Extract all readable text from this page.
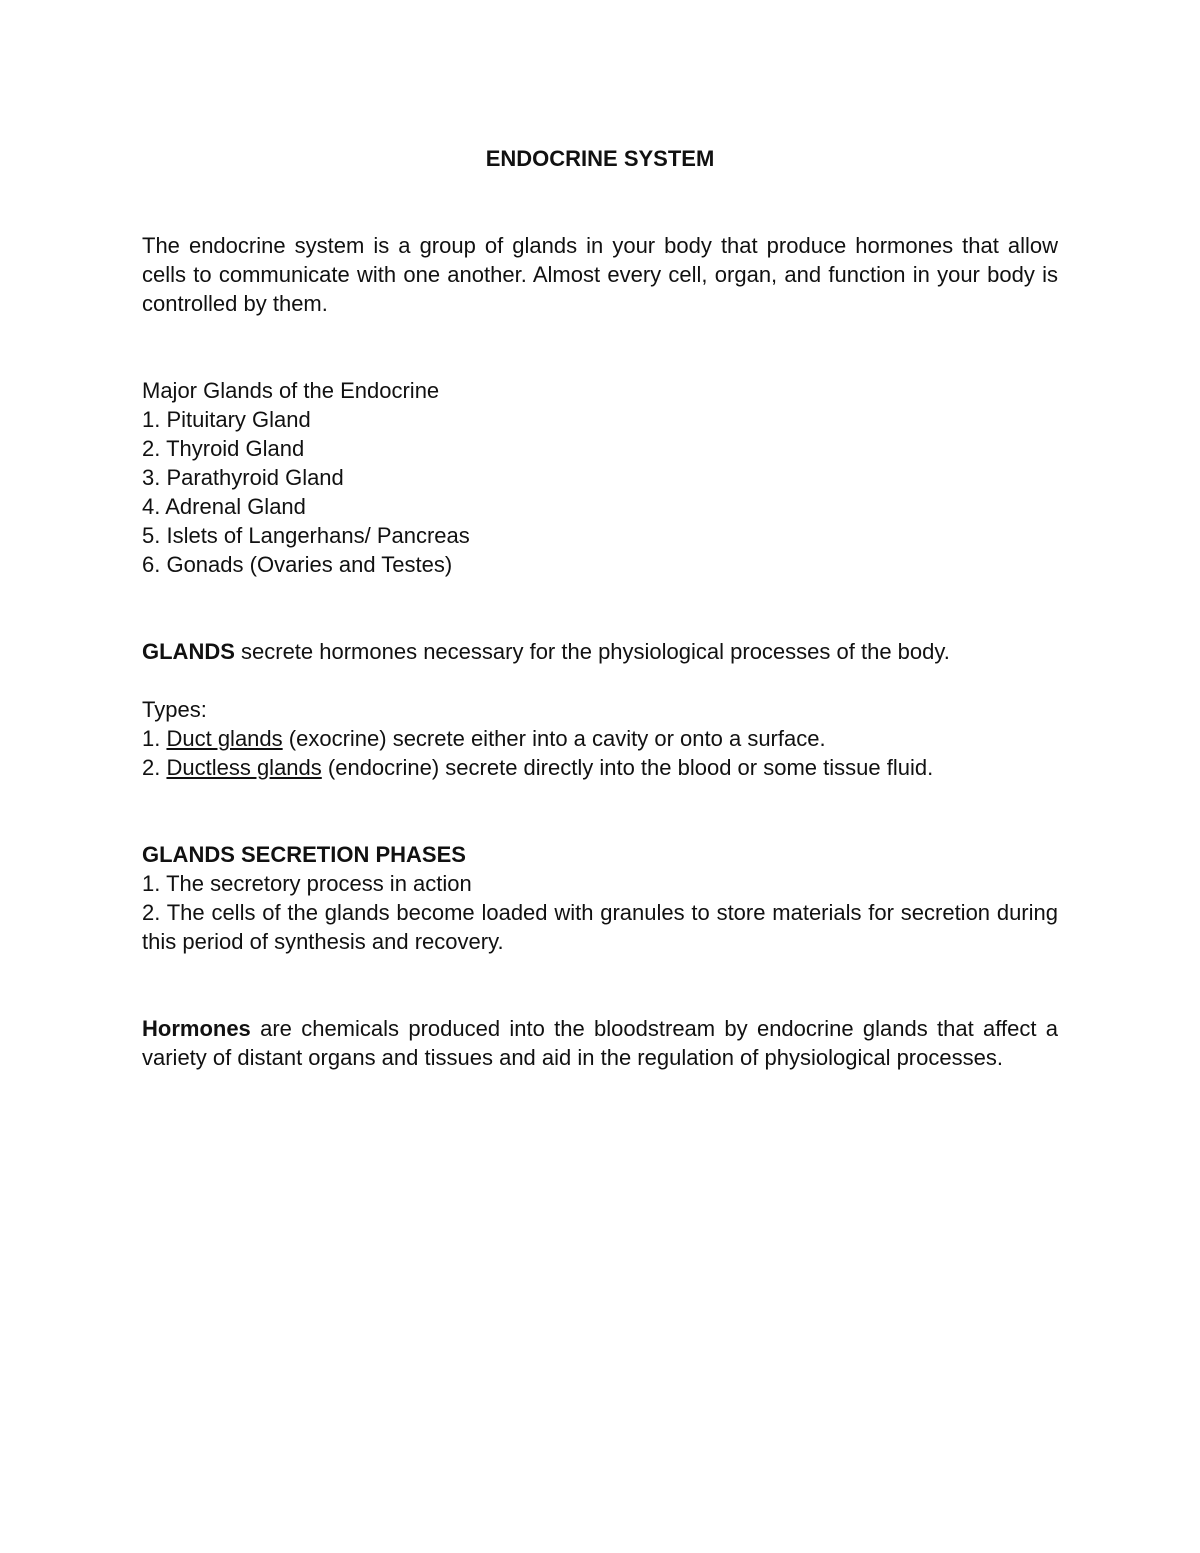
ENDOCRINE SYSTEM

The endocrine system is a group of glands in your body that produce hormones that allow cells to communicate with one another. Almost every cell, organ, and function in your body is controlled by them.

Major Glands of the Endocrine

1. Pituitary Gland
2. Thyroid Gland
3. Parathyroid Gland
4. Adrenal Gland
5. Islets of Langerhans/ Pancreas
6. Gonads (Ovaries and Testes)

GLANDS secrete hormones necessary for the physiological processes of the body.

Types:

1. Duct glands (exocrine) secrete either into a cavity or onto a surface.

2. Ductless glands (endocrine) secrete directly into the blood or some tissue fluid.

GLANDS SECRETION PHASES

1. The secretory process in action

2. The cells of the glands become loaded with granules to store materials for secretion during this period of synthesis and recovery.

Hormones are chemicals produced into the bloodstream by endocrine glands that affect a variety of distant organs and tissues and aid in the regulation of physiological processes.
